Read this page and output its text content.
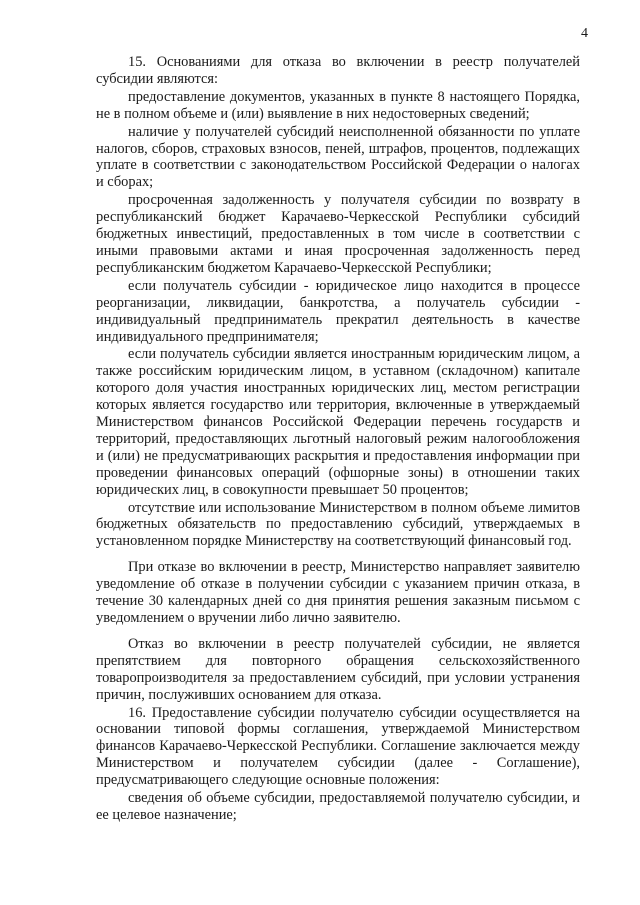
4

15. Основаниями для отказа во включении в реестр получателей субсидии являются:

предоставление документов, указанных в пункте 8 настоящего Порядка, не в полном объеме и (или) выявление в них недостоверных сведений;

наличие у получателей субсидий неисполненной обязанности по уплате налогов, сборов, страховых взносов, пеней, штрафов, процентов, подлежащих уплате в соответствии с законодательством Российской Федерации о налогах и сборах;

просроченная задолженность у получателя субсидии по возврату в республиканский бюджет Карачаево-Черкесской Республики субсидий бюджетных инвестиций, предоставленных в том числе в соответствии с иными правовыми актами и иная просроченная задолженность перед республиканским бюджетом Карачаево-Черкесской Республики;

если получатель субсидии - юридическое лицо находится в процессе реорганизации, ликвидации, банкротства, а получатель субсидии - индивидуальный предприниматель прекратил деятельность в качестве индивидуального предпринимателя;

если получатель субсидии является иностранным юридическим лицом, а также российским юридическим лицом, в уставном (складочном) капитале которого доля участия иностранных юридических лиц, местом регистрации которых является государство или территория, включенные в утверждаемый Министерством финансов Российской Федерации перечень государств и территорий, предоставляющих льготный налоговый режим налогообложения и (или) не предусматривающих раскрытия и предоставления информации при проведении финансовых операций (офшорные зоны) в отношении таких юридических лиц, в совокупности превышает 50 процентов;

отсутствие или использование Министерством в полном объеме лимитов бюджетных обязательств по предоставлению субсидий, утверждаемых в установленном порядке Министерству на соответствующий финансовый год.

При отказе во включении в реестр, Министерство направляет заявителю уведомление об отказе в получении субсидии с указанием причин отказа, в течение 30 календарных дней со дня принятия решения заказным письмом с уведомлением о вручении либо лично заявителю.

Отказ во включении в реестр получателей субсидии, не является препятствием для повторного обращения сельскохозяйственного товаропроизводителя за предоставлением субсидий, при условии устранения причин, послуживших основанием для отказа.

16. Предоставление субсидии получателю субсидии осуществляется на основании типовой формы соглашения, утверждаемой Министерством финансов Карачаево-Черкесской Республики. Соглашение заключается между Министерством и получателем субсидии (далее - Соглашение), предусматривающего следующие основные положения:

сведения об объеме субсидии, предоставляемой получателю субсидии, и ее целевое назначение;
